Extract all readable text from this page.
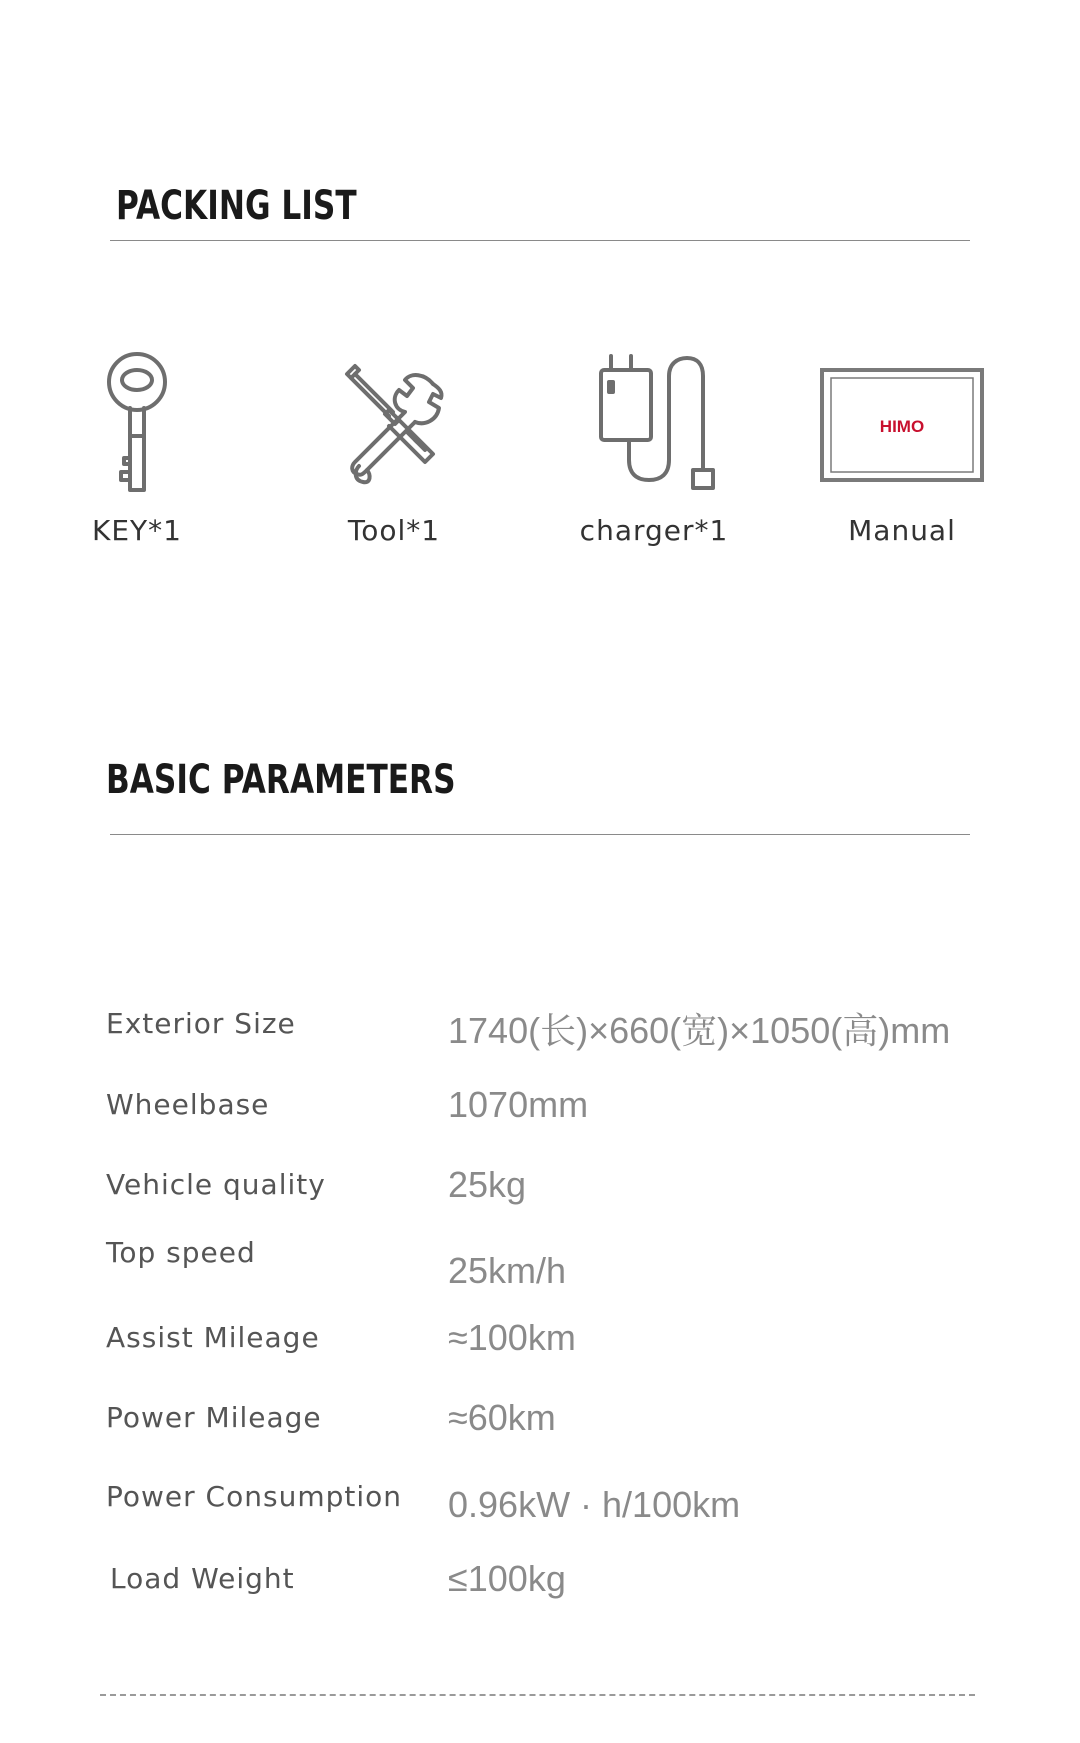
PACKING LIST
KEY*1	Tool*1	charger*1
HIMO
Manual
BASIC PARAMETERS
Exterior Size	1740(长)×660(宽)×1050(高)mm
Wheelbase	1070mm
Vehicle quality	25kg
Top speed	25km/h
Assist Mileage	≈100km
Power Mileage	≈60km
Power Consumption 0.96kW · h/100km
Load Weight	≤100kg
